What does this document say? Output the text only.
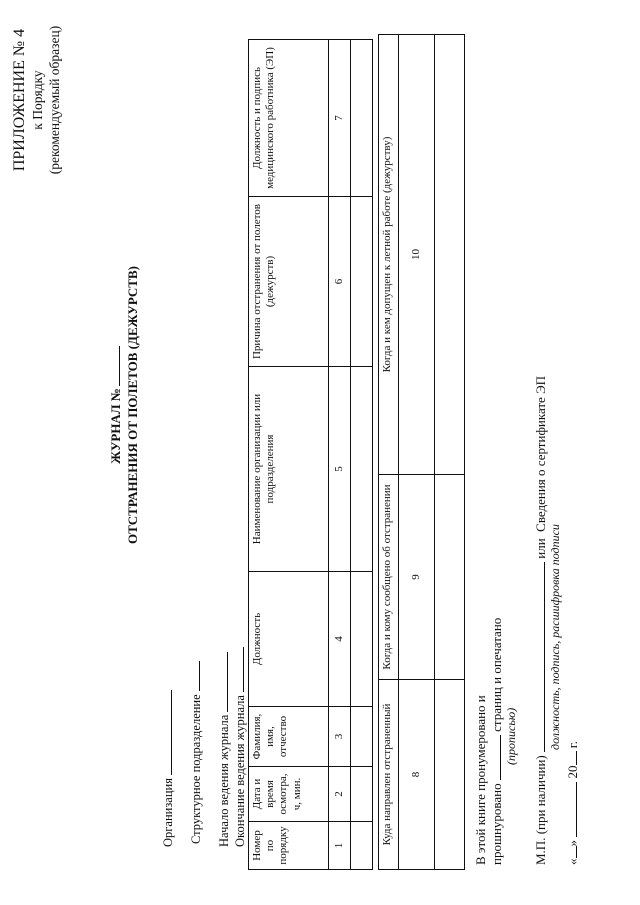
ПРИЛОЖЕНИЕ № 4 к Порядку (рекомендуемый образец)
ЖУРНАЛ № ОТСТРАНЕНИЯ ОТ ПОЛЕТОВ (ДЕЖУРСТВ)
Организация Структурное подразделение Начало ведения журнала Окончание ведения журнала Номер по порядку	Дата и время осмотра, ч, мин.	Фамилия, имя, отчество	Должность	Наименование организации или подразделения	Причина отстранения от полетов (дежурств)	Должность и подпись медицинского работника (ЭП)
1	2	3	4	5	6	7

Куда направлен отстраненный	Когда и кому сообщено об отстранении	Когда и кем допущен к летной работе (дежурству)
8	9	10

В этой книге пронумеровано и прошнуровано  страниц и опечатано
(прописью)
М.П. (при наличии)  или  Сведения о сертификате ЭП
должность, подпись, расшифровка подписи
«»  20 г.
